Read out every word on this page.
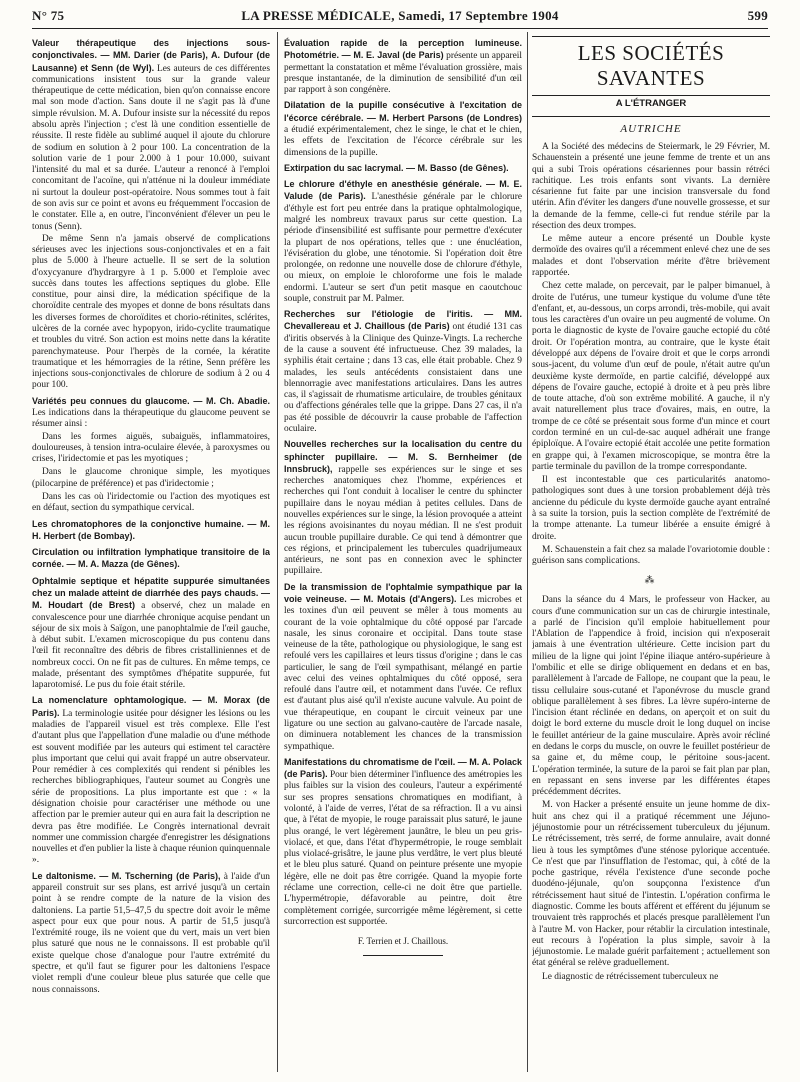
N° 75	LA PRESSE MÉDICALE, Samedi, 17 Septembre 1904	599

Valeur thérapeutique des injections sous-conjonctivales. — MM. Darier (de Paris), A. Dufour (de Lausanne) et Senn (de Wyl). Les auteurs de ces différentes communications insistent tous sur la grande valeur thérapeutique de cette médication, bien qu'on connaisse encore mal son mode d'action. Sans doute il ne s'agit pas là d'une simple révulsion. M. A. Dufour insiste sur la nécessité du repos absolu après l'injection ; c'est là une condition essentielle de réussite. Il reste fidèle au sublimé auquel il ajoute du chlorure de sodium en solution à 2 pour 100. La concentration de la solution varie de 1 pour 2.000 à 1 pour 10.000, suivant l'intensité du mal et sa durée. L'auteur a renoncé à l'emploi concomitant de l'acoïne, qui n'atténue ni la douleur immédiate ni surtout la douleur post-opératoire. Nous sommes tout à fait de son avis sur ce point et avons eu fréquemment l'occasion de le constater. Elle a, en outre, l'inconvénient d'élever un peu le tonus (Senn).

De même Senn n'a jamais observé de complications sérieuses avec les injections sous-conjonctivales et en a fait plus de 5.000 à l'heure actuelle. Il se sert de la solution d'oxycyanure d'hydrargyre à 1 p. 5.000 et l'emploie avec succès dans toutes les affections septiques du globe. Elle constitue, pour ainsi dire, la médication spécifique de la choroïdite centrale des myopes et donne de bons résultats dans les diverses formes de choroïdites et chorio-rétinites, sclérites, ulcères de la cornée avec hypopyon, irido-cyclite traumatique et troubles du vitré. Son action est moins nette dans la kératite parenchymateuse. Pour l'herpès de la cornée, la kératite traumatique et les hémorragies de la rétine, Senn préfère les injections sous-conjonctivales de chlorure de sodium à 2 ou 4 pour 100.

Variétés peu connues du glaucome. — M. Ch. Abadie. Les indications dans la thérapeutique du glaucome peuvent se résumer ainsi :

Dans les formes aiguës, subaiguës, inflammatoires, douloureuses, à tension intra-oculaire élevée, à paroxysmes ou crises, l'iridectomie et pas les myotiques ;

Dans le glaucome chronique simple, les myotiques (pilocarpine de préférence) et pas d'iridectomie ;

Dans les cas où l'iridectomie ou l'action des myotiques est en défaut, section du sympathique cervical.

Les chromatophores de la conjonctive humaine. — M. H. Herbert (de Bombay).

Circulation ou infiltration lymphatique transitoire de la cornée. — M. A. Mazza (de Gênes).

Ophtalmie septique et hépatite suppurée simultanées chez un malade atteint de diarrhée des pays chauds. — M. Houdart (de Brest) a observé, chez un malade en convalescence pour une diarrhée chronique acquise pendant un séjour de six mois à Saïgon, une panophtalmie de l'œil gauche, à début subit. L'examen microscopique du pus contenu dans l'œil fit reconnaître des débris de fibres cristalliniennes et de nombreux cocci. On ne fit pas de cultures. En même temps, ce malade, présentant des symptômes d'hépatite suppurée, fut laparotomisé. Le pus du foie était stérile.

La nomenclature ophtamologique. — M. Morax (de Paris). La terminologie usitée pour désigner les lésions ou les maladies de l'appareil visuel est très complexe. Elle l'est d'autant plus que l'appellation d'une maladie ou d'une méthode est souvent modifiée par les auteurs qui estiment tel caractère plus important que celui qui avait frappé un autre observateur. Pour remédier à ces complexités qui rendent si pénibles les recherches bibliographiques, l'auteur soumet au Congrès une série de propositions. La plus importante est que : « la désignation choisie pour caractériser une méthode ou une affection par le premier auteur qui en aura fait la description ne devra pas être modifiée. Le Congrès international devrait nommer une commission chargée d'enregistrer les désignations nouvelles et d'en publier la liste à chaque réunion quinquennale ».

Le daltonisme. — M. Tscherning (de Paris), à l'aide d'un appareil construit sur ses plans, est arrivé jusqu'à un certain point à se rendre compte de la nature de la vision des daltoniens. La partie 51,5–47,5 du spectre doit avoir le même aspect pour eux que pour nous. A partir de 51,5 jusqu'à l'extrémité rouge, ils ne voient que du vert, mais un vert bien plus saturé que nous ne le connaissons. Il est probable qu'il existe quelque chose d'analogue pour l'autre extrémité du spectre, et qu'il faut se figurer pour les daltoniens l'espace violet rempli d'une couleur bleue plus saturée que celle que nous connaissons.

Évaluation rapide de la perception lumineuse. Photométrie. — M. E. Javal (de Paris) présente un appareil permettant la constatation et même l'évaluation grossière, mais presque instantanée, de la diminution de sensibilité d'un œil par rapport à son congénère.

Dilatation de la pupille consécutive à l'excitation de l'écorce cérébrale. — M. Herbert Parsons (de Londres) a étudié expérimentalement, chez le singe, le chat et le chien, les effets de l'excitation de l'écorce cérébrale sur les dimensions de la pupille.

Extirpation du sac lacrymal. — M. Basso (de Gênes).

Le chlorure d'éthyle en anesthésie générale. — M. E. Valude (de Paris). L'anesthésie générale par le chlorure d'éthyle est fort peu entrée dans la pratique ophtalmologique, malgré les nombreux travaux parus sur cette question. La période d'insensibilité est suffisante pour permettre d'exécuter la plupart de nos opérations, telles que : une énucléation, l'évisération du globe, une ténotomie. Si l'opération doit être prolongée, on redonne une nouvelle dose de chlorure d'éthyle, ou mieux, on emploie le chloroforme une fois le malade endormi. L'auteur se sert d'un petit masque en caoutchouc souple, construit par M. Palmer.

Recherches sur l'étiologie de l'iritis. — MM. Chevallereau et J. Chaillous (de Paris) ont étudié 131 cas d'iritis observés à la Clinique des Quinze-Vingts. La recherche de la cause a souvent été infructueuse. Chez 39 malades, la syphilis était certaine ; dans 13 cas, elle était probable. Chez 9 malades, les seuls antécédents consistaient dans une blennorragie avec manifestations articulaires. Dans les autres cas, il s'agissait de rhumatisme articulaire, de troubles génitaux ou d'affections générales telle que la grippe. Dans 27 cas, il n'a pas été possible de découvrir la cause probable de l'affection oculaire.

Nouvelles recherches sur la localisation du centre du sphincter pupillaire. — M. S. Bernheimer (de Innsbruck), rappelle ses expériences sur le singe et ses recherches anatomiques chez l'homme, expériences et recherches qui l'ont conduit à localiser le centre du sphincter pupillaire dans le noyau médian à petites cellules. Dans de nouvelles expériences sur le singe, la lésion provoquée a atteint les régions avoisinantes du noyau médian. Il ne s'est produit aucun trouble pupillaire durable. Ce qui tend à démontrer que ces régions, et principalement les tubercules quadrijumeaux antérieurs, ne sont pas en connexion avec le sphincter pupillaire.

De la transmission de l'ophtalmie sympathique par la voie veineuse. — M. Motais (d'Angers). Les microbes et les toxines d'un œil peuvent se mêler à tous moments au courant de la voie ophtalmique du côté opposé par l'arcade nasale, les sinus coronaire et occipital. Dans toute stase veineuse de la tête, pathologique ou physiologique, le sang est refoulé vers les capillaires et leurs tissus d'origine ; dans le cas particulier, le sang de l'œil sympathisant, mélangé en partie avec celui des veines ophtalmiques du côté opposé, sera refoulé dans l'autre œil, et notamment dans l'uvée. Ce reflux est d'autant plus aisé qu'il n'existe aucune valvule. Au point de vue thérapeutique, en coupant le circuit veineux par une ligature ou une section au galvano-cautère de l'arcade nasale, on diminuera notablement les chances de la transmission sympathique.

Manifestations du chromatisme de l'œil. — M. A. Polack (de Paris). Pour bien déterminer l'influence des amétropies les plus faibles sur la vision des couleurs, l'auteur a expérimenté sur ses propres sensations chromatiques en modifiant, à volonté, à l'aide de verres, l'état de sa réfraction. Il a vu ainsi que, à l'état de myopie, le rouge paraissait plus saturé, le jaune plus orangé, le vert légèrement jaunâtre, le bleu un peu gris-violacé, et que, dans l'état d'hypermétropie, le rouge semblait plus violacé-grisâtre, le jaune plus verdâtre, le vert plus bleuté et le bleu plus saturé. Quand on peinture présente une myopie légère, elle ne doit pas être corrigée. Quand la myopie forte réclame une correction, celle-ci ne doit être que partielle. L'hypermétropie, défavorable au peintre, doit être complètement corrigée, surcorrigée même légèrement, si cette surcorrection est supportée.

F. Terrien et J. Chaillous.
LES SOCIÉTÉS SAVANTES
A L'ÉTRANGER
AUTRICHE

A la Société des médecins de Steiermark, le 29 Février, M. Schauenstein a présenté une jeune femme de trente et un ans qui a subi Trois opérations césariennes pour bassin rétréci rachitique. Les trois enfants sont vivants. La dernière césarienne fut faite par une incision transversale du fond utérin. Afin d'éviter les dangers d'une nouvelle grossesse, et sur la demande de la femme, celle-ci fut rendue stérile par la résection des deux trompes.

Le même auteur a encore présenté un Double kyste dermoïde des ovaires qu'il a récemment enlevé chez une de ses malades et dont l'observation mérite d'être brièvement rapportée.

Chez cette malade, on percevait, par le palper bimanuel, à droite de l'utérus, une tumeur kystique du volume d'une tête d'enfant, et, au-dessous, un corps arrondi, très-mobile, qui avait tous les caractères d'un ovaire un peu augmenté de volume. On porta le diagnostic de kyste de l'ovaire gauche ectopié du côté droit. Or l'opération montra, au contraire, que le kyste était développé aux dépens de l'ovaire droit et que le corps arrondi sous-jacent, du volume d'un œuf de poule, n'était autre qu'un deuxième kyste dermoïde, en partie calcifié, développé aux dépens de l'ovaire gauche, ectopié à droite et à peu près libre de toute attache, d'où son extrême mobilité. A gauche, il n'y avait naturellement plus trace d'ovaires, mais, en outre, la trompe de ce côté se présentait sous forme d'un mince et court cordon terminé en un cul-de-sac auquel adhérait une frange épiploïque. A l'ovaire ectopié était accolée une petite formation en grappe qui, à l'examen microscopique, se montra être la partie terminale du pavillon de la trompe correspondante.

Il est incontestable que ces particularités anatomo-pathologiques sont dues à une torsion probablement déjà très ancienne du pédicule du kyste dermoïde gauche ayant entraîné à sa suite la torsion, puis la section complète de l'extrémité de la trompe attenante. La tumeur libérée a ensuite émigré à droite.

M. Schauenstein a fait chez sa malade l'ovariotomie double : guérison sans complications.

⁂

Dans la séance du 4 Mars, le professeur von Hacker, au cours d'une communication sur un cas de chirurgie intestinale, a parlé de l'incision qu'il emploie habituellement pour l'Ablation de l'appendice à froid, incision qui n'exposerait jamais à une éventration ultérieure. Cette incision part du milieu de la ligne qui joint l'épine iliaque antéro-supérieure à l'ombilic et elle se dirige obliquement en dedans et en bas, parallèlement à l'arcade de Fallope, ne coupant que la peau, le tissu cellulaire sous-cutané et l'aponévrose du muscle grand oblique parallèlement à ses fibres. La lèvre supéro-interne de l'incision étant réclinée en dedans, on aperçoit et on suit du doigt le bord externe du muscle droit le long duquel on incise le feuillet antérieur de la gaine musculaire. Après avoir récliné en dedans le corps du muscle, on ouvre le feuillet postérieur de sa gaine et, du même coup, le péritoine sous-jacent. L'opération terminée, la suture de la paroi se fait plan par plan, en repassant en sens inverse par les différentes étapes précédemment décrites.

M. von Hacker a présenté ensuite un jeune homme de dix-huit ans chez qui il a pratiqué récemment une Jéjuno-jéjunostomie pour un rétrécissement tuberculeux du jéjunum. Le rétrécissement, très serré, de forme annulaire, avait donné lieu à tous les symptômes d'une sténose pylorique accentuée. Ce n'est que par l'insufflation de l'estomac, qui, à côté de la poche gastrique, révéla l'existence d'une seconde poche duodéno-jéjunale, qu'on soupçonna l'existence d'un rétrécissement haut situé de l'intestin. L'opération confirma le diagnostic. Comme les bouts afférent et efférent du jéjunum se trouvaient très rapprochés et placés presque parallèlement l'un à l'autre M. von Hacker, pour rétablir la circulation intestinale, eut recours à l'opération la plus simple, savoir à la jéjunostomie. Le malade guérit parfaitement ; actuellement son état général se relève graduellement.

Le diagnostic de rétrécissement tuberculeux ne
